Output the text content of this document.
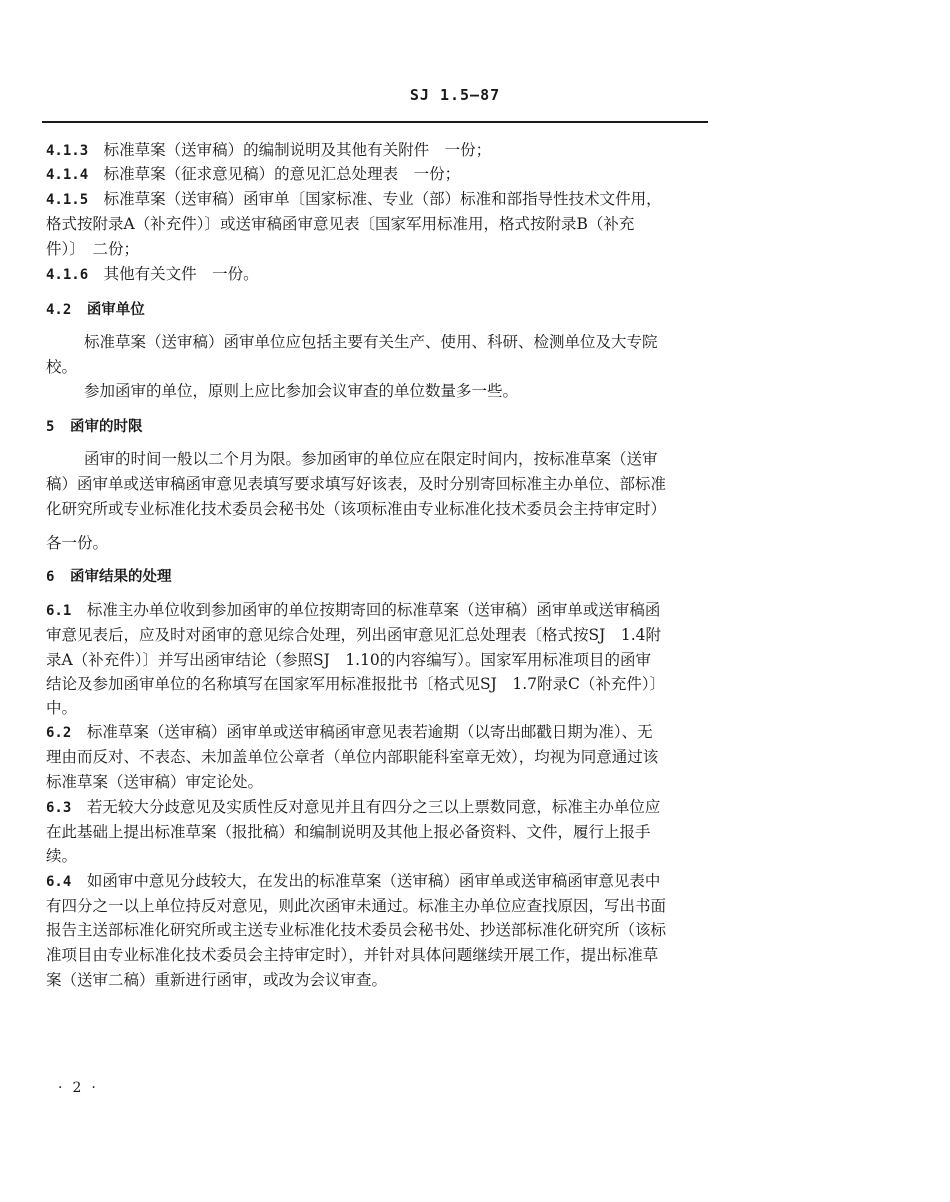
SJ 1.5—87
4.1.3　 标准草案（送审稿）的编制说明及其他有关附件　一份；
4.1.4　 标准草案（征求意见稿）的意见汇总处理表　一份；
4.1.5　 标准草案（送审稿）函审单〔国家标准、专业（部）标准和部指导性技术文件用，
格式按附录A（补充件）〕或送审稿函审意见表〔国家军用标准用，格式按附录B（补充
件）〕　二份；
4.1.6　 其他有关文件　一份。
4.2　 函审单位
标准草案（送审稿）函审单位应包括主要有关生产、使用、科研、检测单位及大专院
校。
参加函审的单位，原则上应比参加会议审查的单位数量多一些。
5　 函审的时限
函审的时间一般以二个月为限。参加函审的单位应在限定时间内，按标准草案（送审
稿）函审单或送审稿函审意见表填写要求填写好该表，及时分别寄回标准主办单位、部标准
化研究所或专业标准化技术委员会秘书处（该项标准由专业标准化技术委员会主持审定时）
各一份。
6　 函审结果的处理
6.1　 标准主办单位收到参加函审的单位按期寄回的标准草案（送审稿）函审单或送审稿函
审意见表后，应及时对函审的意见综合处理，列出函审意见汇总处理表〔格式按SJ　1.4附
录A（补充件）〕并写出函审结论（参照SJ　1.10的内容编写）。国家军用标准项目的函审
结论及参加函审单位的名称填写在国家军用标准报批书〔格式见SJ　1.7附录C（补充件）〕
中。
6.2　 标准草案（送审稿）函审单或送审稿函审意见表若逾期（以寄出邮戳日期为准）、无
理由而反对、不表态、未加盖单位公章者（单位内部职能科室章无效），均视为同意通过该
标准草案（送审稿）审定论处。
6.3　 若无较大分歧意见及实质性反对意见并且有四分之三以上票数同意，标准主办单位应
在此基础上提出标准草案（报批稿）和编制说明及其他上报必备资料、文件，履行上报手
续。
6.4　 如函审中意见分歧较大，在发出的标准草案（送审稿）函审单或送审稿函审意见表中
有四分之一以上单位持反对意见，则此次函审未通过。标准主办单位应查找原因，写出书面
报告主送部标准化研究所或主送专业标准化技术委员会秘书处、抄送部标准化研究所（该标
准项目由专业标准化技术委员会主持审定时），并针对具体问题继续开展工作，提出标准草
案（送审二稿）重新进行函审，或改为会议审查。
·2·
